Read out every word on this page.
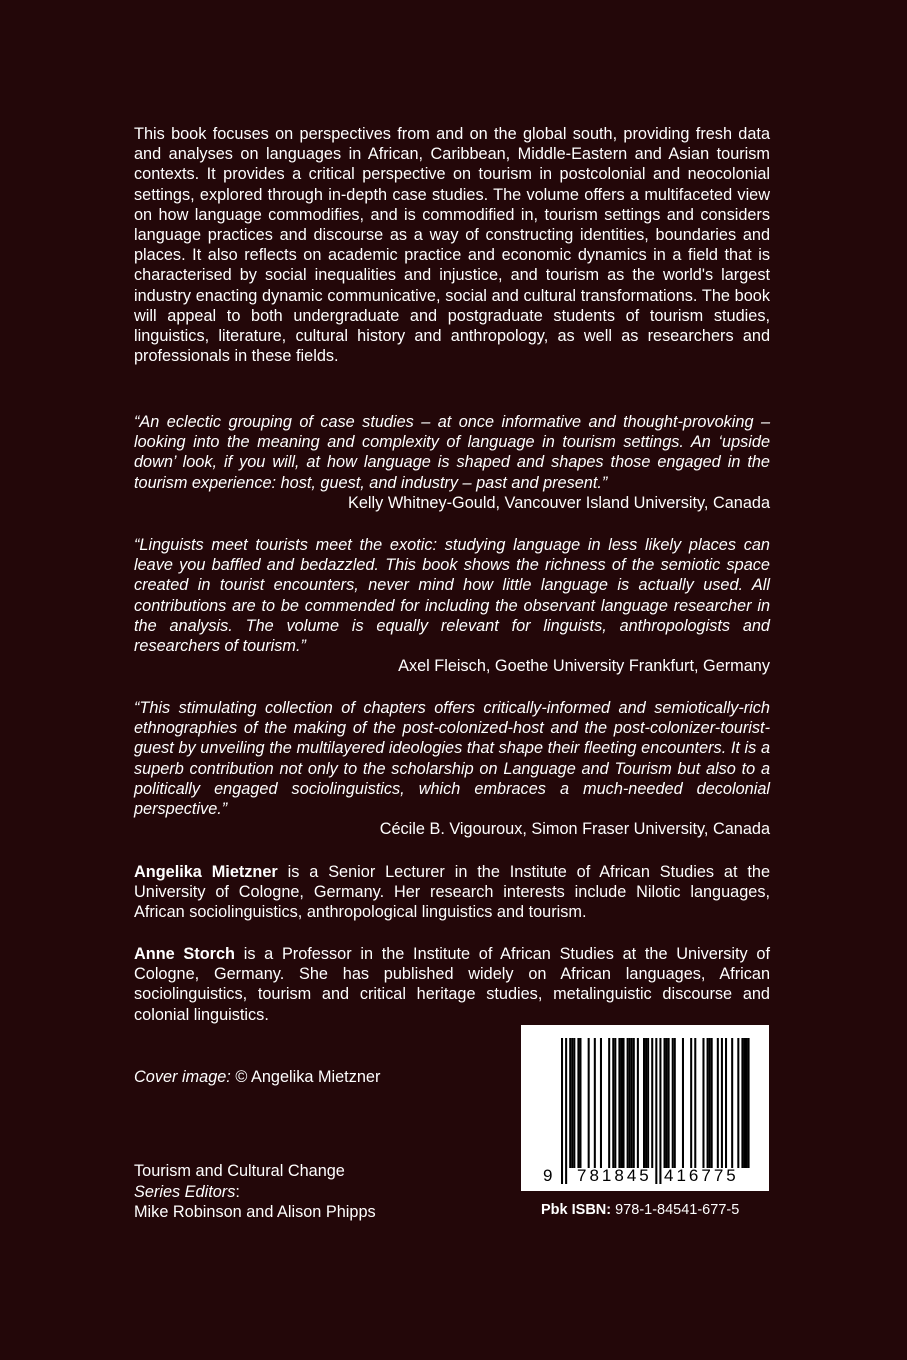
This book focuses on perspectives from and on the global south, providing fresh data and analyses on languages in African, Caribbean, Middle-Eastern and Asian tourism contexts. It provides a critical perspective on tourism in postcolonial and neocolonial settings, explored through in-depth case studies. The volume offers a multifaceted view on how language commodifies, and is commodified in, tourism settings and considers language practices and discourse as a way of constructing identities, boundaries and places. It also reflects on academic practice and economic dynamics in a field that is characterised by social inequalities and injustice, and tourism as the world's largest industry enacting dynamic communicative, social and cultural transformations. The book will appeal to both undergraduate and postgraduate students of tourism studies, linguistics, literature, cultural history and anthropology, as well as researchers and professionals in these fields.

“An eclectic grouping of case studies – at once informative and thought-provoking – looking into the meaning and complexity of language in tourism settings. An ‘upside down’ look, if you will, at how language is shaped and shapes those engaged in the tourism experience: host, guest, and industry – past and present.”
Kelly Whitney-Gould, Vancouver Island University, Canada
“Linguists meet tourists meet the exotic: studying language in less likely places can leave you baffled and bedazzled. This book shows the richness of the semiotic space created in tourist encounters, never mind how little language is actually used. All contributions are to be commended for including the observant language researcher in the analysis. The volume is equally relevant for linguists, anthropologists and researchers of tourism.”
Axel Fleisch, Goethe University Frankfurt, Germany
“This stimulating collection of chapters offers critically-informed and semiotically-rich ethnographies of the making of the post-colonized-host and the post-colonizer-tourist-guest by unveiling the multilayered ideologies that shape their fleeting encounters. It is a superb contribution not only to the scholarship on Language and Tourism but also to a politically engaged sociolinguistics, which embraces a much-needed decolonial perspective.”
Cécile B. Vigouroux, Simon Fraser University, Canada
Angelika Mietzner is a Senior Lecturer in the Institute of African Studies at the University of Cologne, Germany. Her research interests include Nilotic languages, African sociolinguistics, anthropological linguistics and tourism.
Anne Storch is a Professor in the Institute of African Studies at the University of Cologne, Germany. She has published widely on African languages, African sociolinguistics, tourism and critical heritage studies, metalinguistic discourse and colonial linguistics.
Cover image: © Angelika Mietzner
Tourism and Cultural Change
Series Editors:
Mike Robinson and Alison Phipps
9 781845 416775
Pbk ISBN: 978-1-84541-677-5
